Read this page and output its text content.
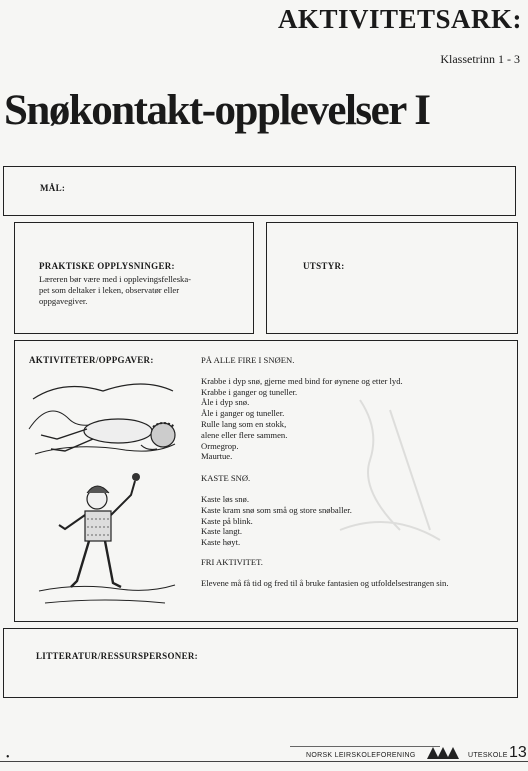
AKTIVITETSARK:
Klassetrinn 1 - 3
Snøkontakt-opplevelser I
MÅL:
PRAKTISKE OPPLYSNINGER:
Læreren bør være med i opplevingsfelleska-
pet som deltaker i leken, observatør eller
oppgavegiver.
UTSTYR:
AKTIVITETER/OPPGAVER:	PÅ ALLE FIRE I SNØEN.
Krabbe i dyp snø, gjerne med bind for øynene og etter lyd.
Krabbe i ganger og tuneller.
Åle i dyp snø.
Åle i ganger og tuneller.
Rulle lang som en stokk,
alene eller flere sammen.
Ormegrop.
Maurtue.
KASTE SNØ.
Kaste løs snø.
Kaste kram snø som små og store snøballer.
Kaste på blink.
Kaste langt.
Kaste høyt.
FRI AKTIVITET.
Elevene må få tid og fred til å bruke fantasien og utfoldelsestrangen sin.
LITTERATUR/RESSURSPERSONER:
•	NORSK LEIRSKOLEFORENING	UTESKOLE 13
